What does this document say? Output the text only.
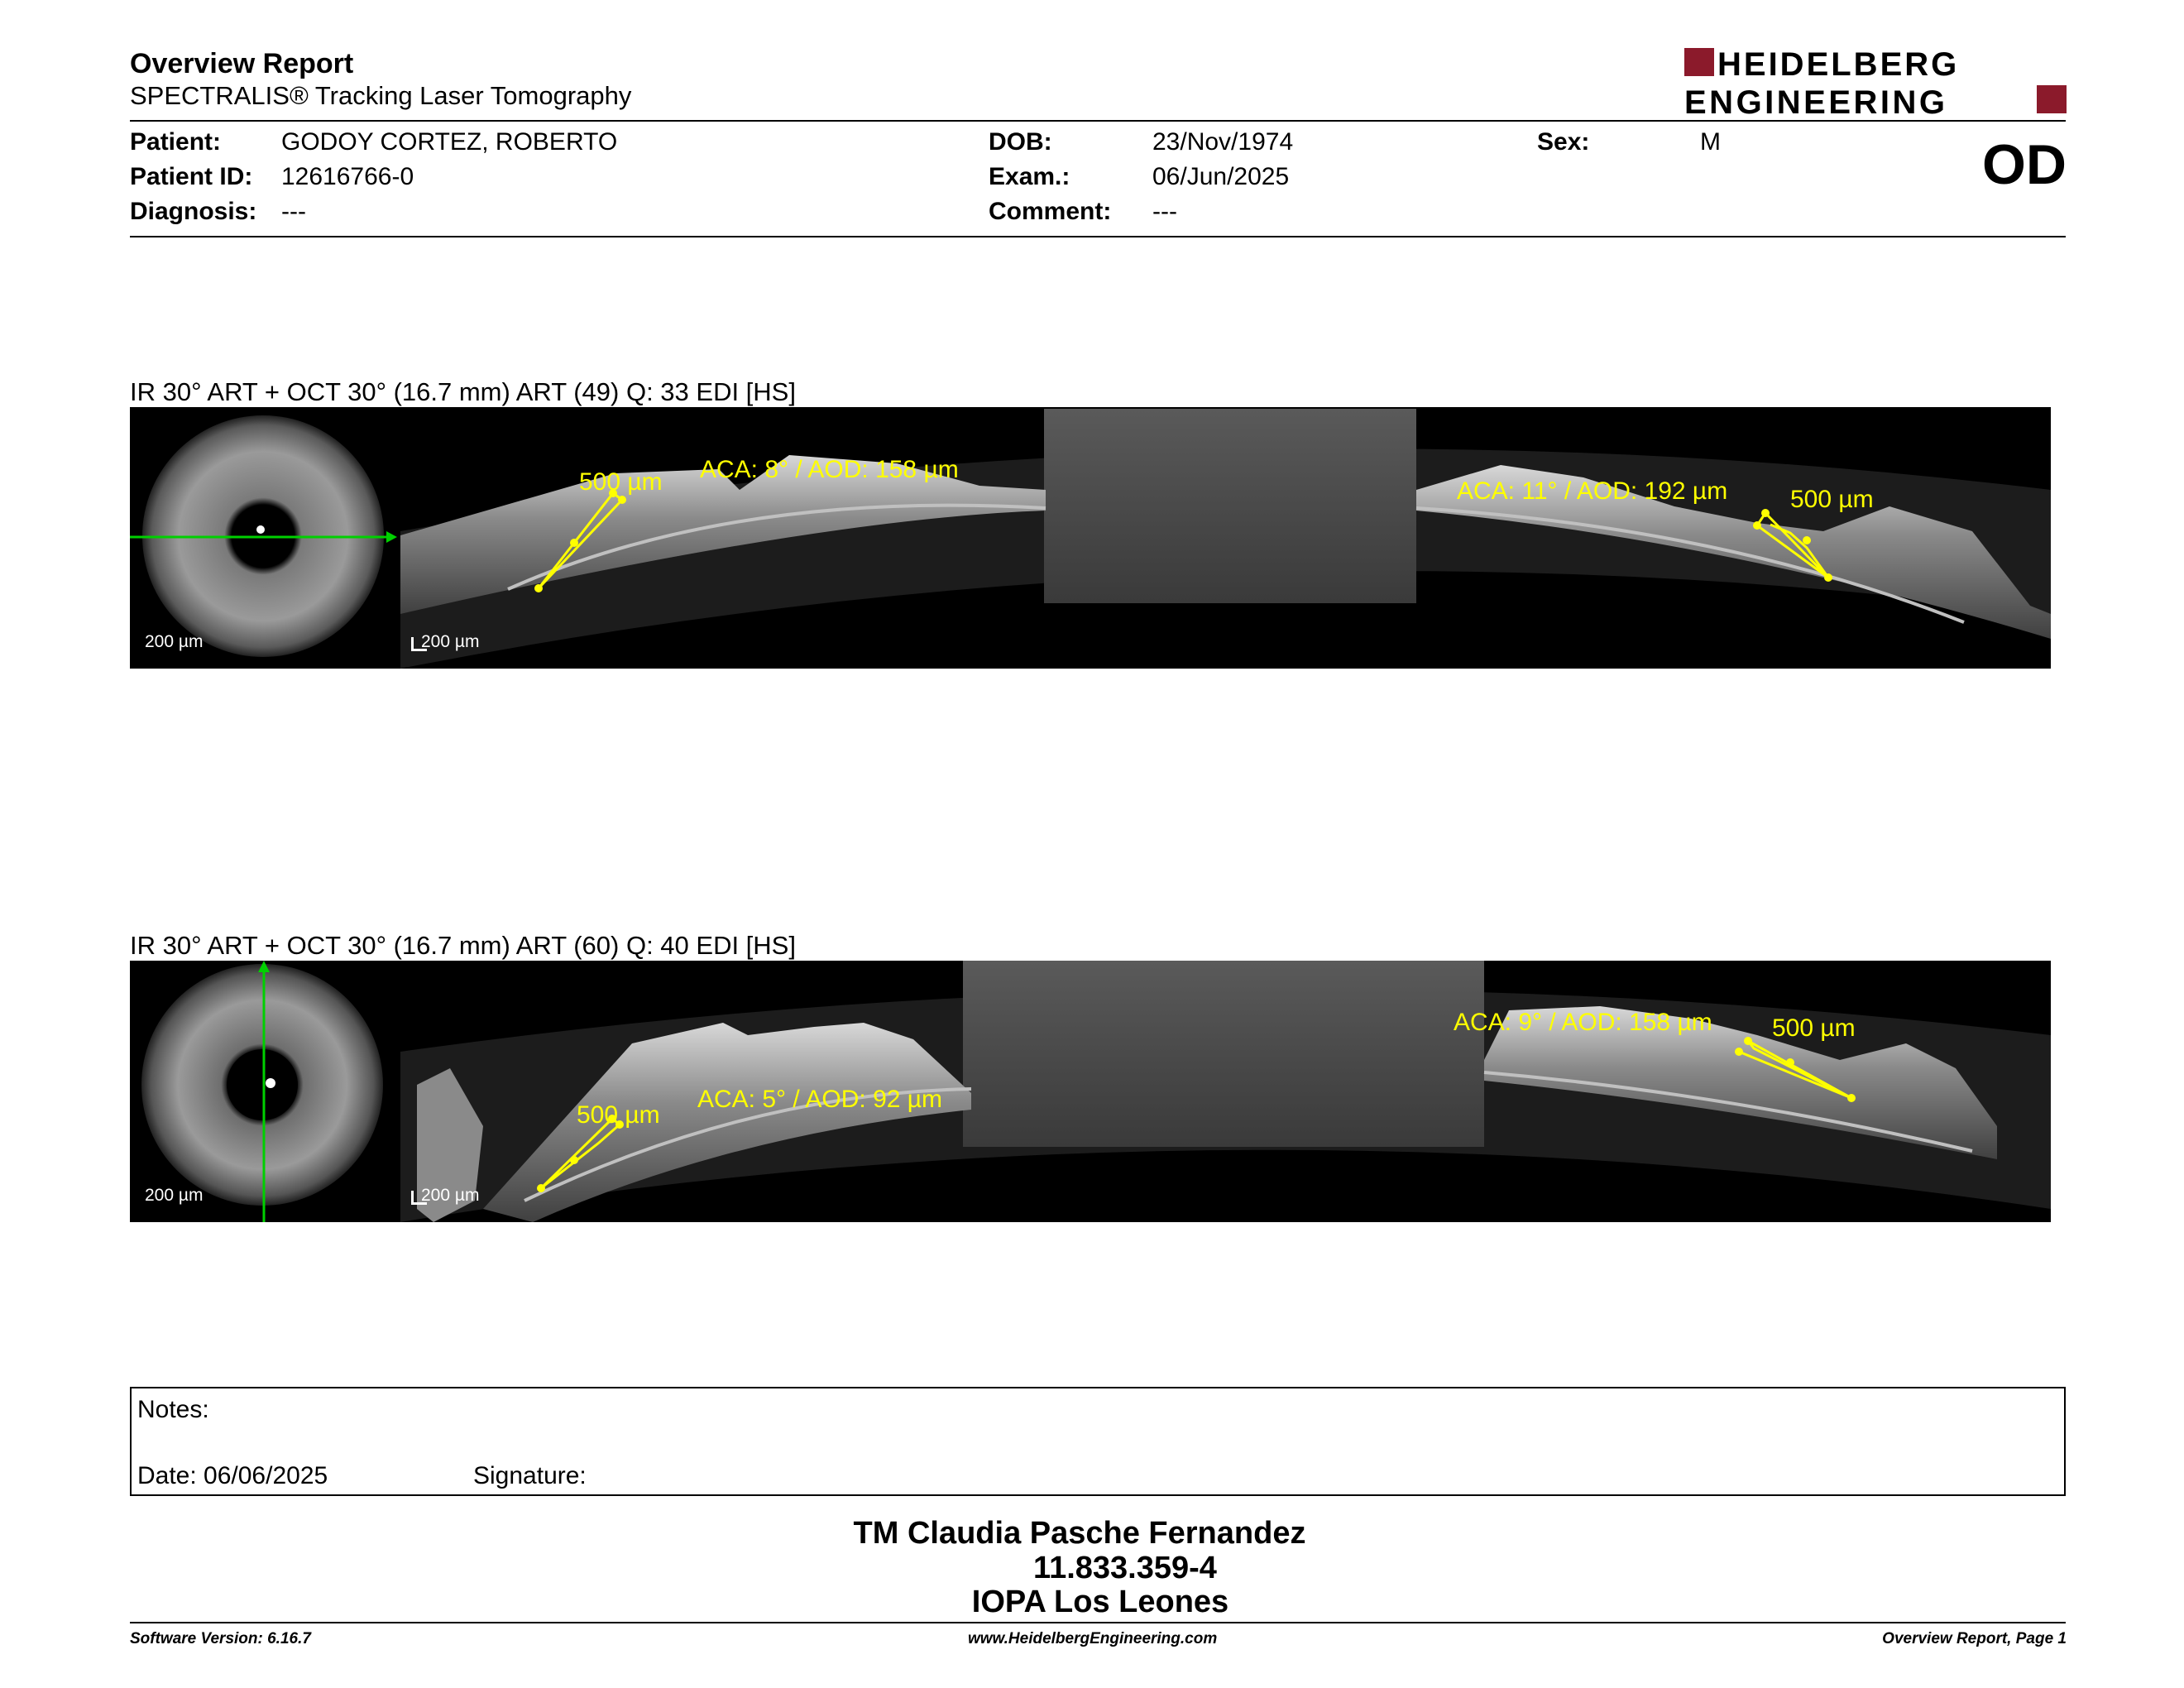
Overview Report
SPECTRALIS® Tracking Laser Tomography
HEIDELBERG
ENGINEERING
Patient: GODOY CORTEZ, ROBERTO
Patient ID: 12616766-0
Diagnosis: ---
DOB:	23/Nov/1974
Exam.:	06/Jun/2025
Comment: ---
Sex:	M	OD
IR 30° ART + OCT 30° (16.7 mm) ART (49) Q: 33 EDI [HS]
200 µm	200 µm
500 µm ACA: 8° / AOD: 158 µm
ACA: 11° / AOD: 192 µm	500 µm
IR 30° ART + OCT 30° (16.7 mm) ART (60) Q: 40 EDI [HS]
200 µm	200 µm
500 µm
ACA: 5° / AOD: 92 µm
ACA: 9° / AOD: 158 µm 500 µm
Notes:
Date: 06/06/2025	Signature:
TM Claudia Pasche Fernandez
11.833.359-4
IOPA Los Leones
Software Version: 6.16.7	www.HeidelbergEngineering.com	Overview Report, Page 1
